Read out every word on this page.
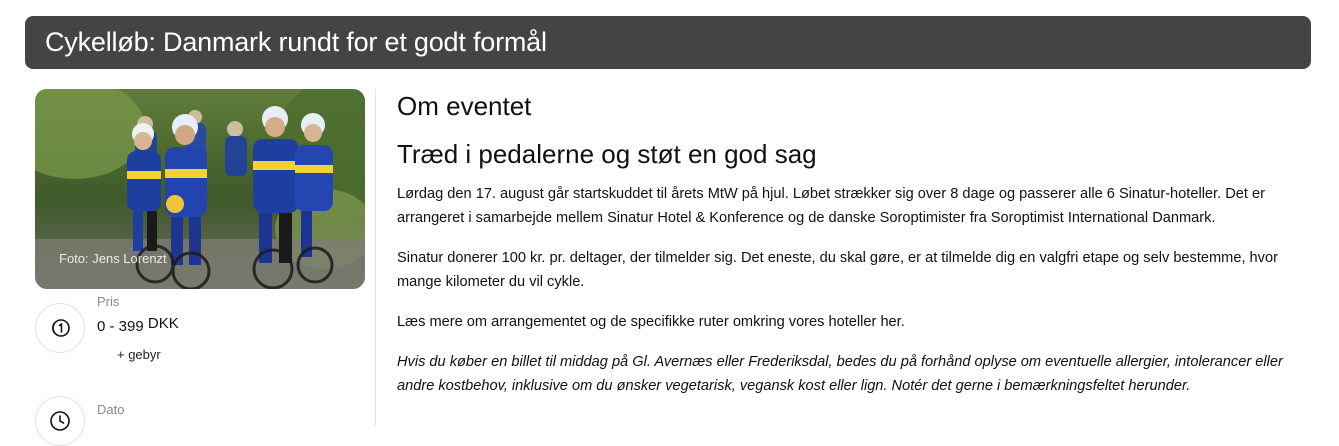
Cykelløb: Danmark rundt for et godt formål
Foto: Jens Lorenzt
Pris
0 - 399 DKK
+ gebyr
Dato
Om eventet
Træd i pedalerne og støt en god sag

Lørdag den 17. august går startskuddet til årets MtW på hjul. Løbet strækker sig over 8 dage og passerer alle 6 Sinatur-hoteller. Det er arrangeret i samarbejde mellem Sinatur Hotel & Konference og de danske Soroptimister fra Soroptimist International Danmark.

Sinatur donerer 100 kr. pr. deltager, der tilmelder sig. Det eneste, du skal gøre, er at tilmelde dig en valgfri etape og selv bestemme, hvor mange kilometer du vil cykle.

Læs mere om arrangementet og de specifikke ruter omkring vores hoteller her.

Hvis du køber en billet til middag på Gl. Avernæs eller Frederiksdal, bedes du på forhånd oplyse om eventuelle allergier, intolerancer eller andre kostbehov, inklusive om du ønsker vegetarisk, vegansk kost eller lign. Notér det gerne i bemærkningsfeltet herunder.
